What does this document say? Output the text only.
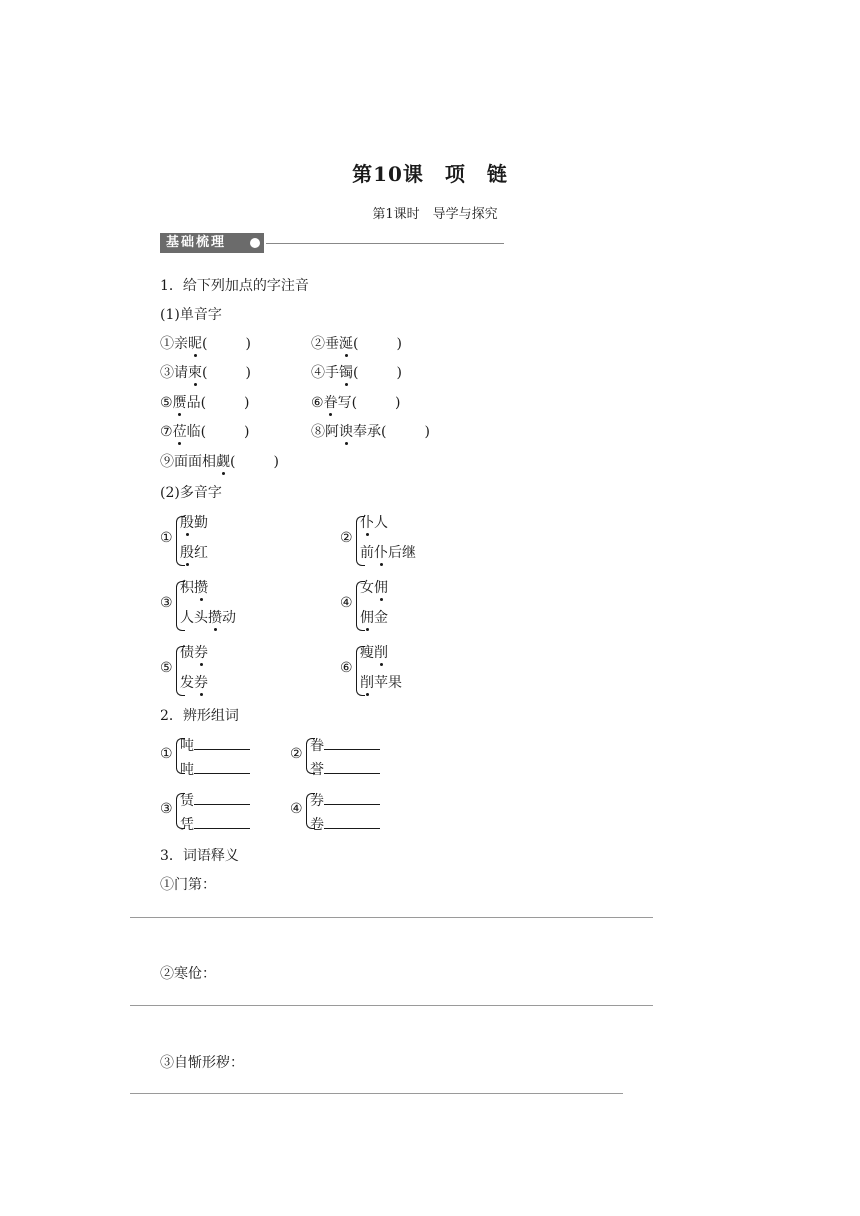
第10课　项　链
第1课时　导学与探究
基础梳理
1．给下列加点的字注音
(1)单音字
①亲昵(	)	②垂涎(	)
③请柬(	)	④手镯(	)
⑤赝品(	)	⑥眷写(	)
⑦莅临(	)	⑧阿谀奉承(	)
⑨面面相觑(	)
(2)多音字
①
殷勤
殷红
②
仆人
前仆后继
③
积攒
人头攒动
④
女佣
佣金
⑤
债券
发券
⑥
瘦削
削苹果
2．辨形组词
① 吨
吨
② 眷
誉
③ 赁
凭
④ 券
卷
3．词语释义
①门第：
②寒伧：
③自惭形秽：
